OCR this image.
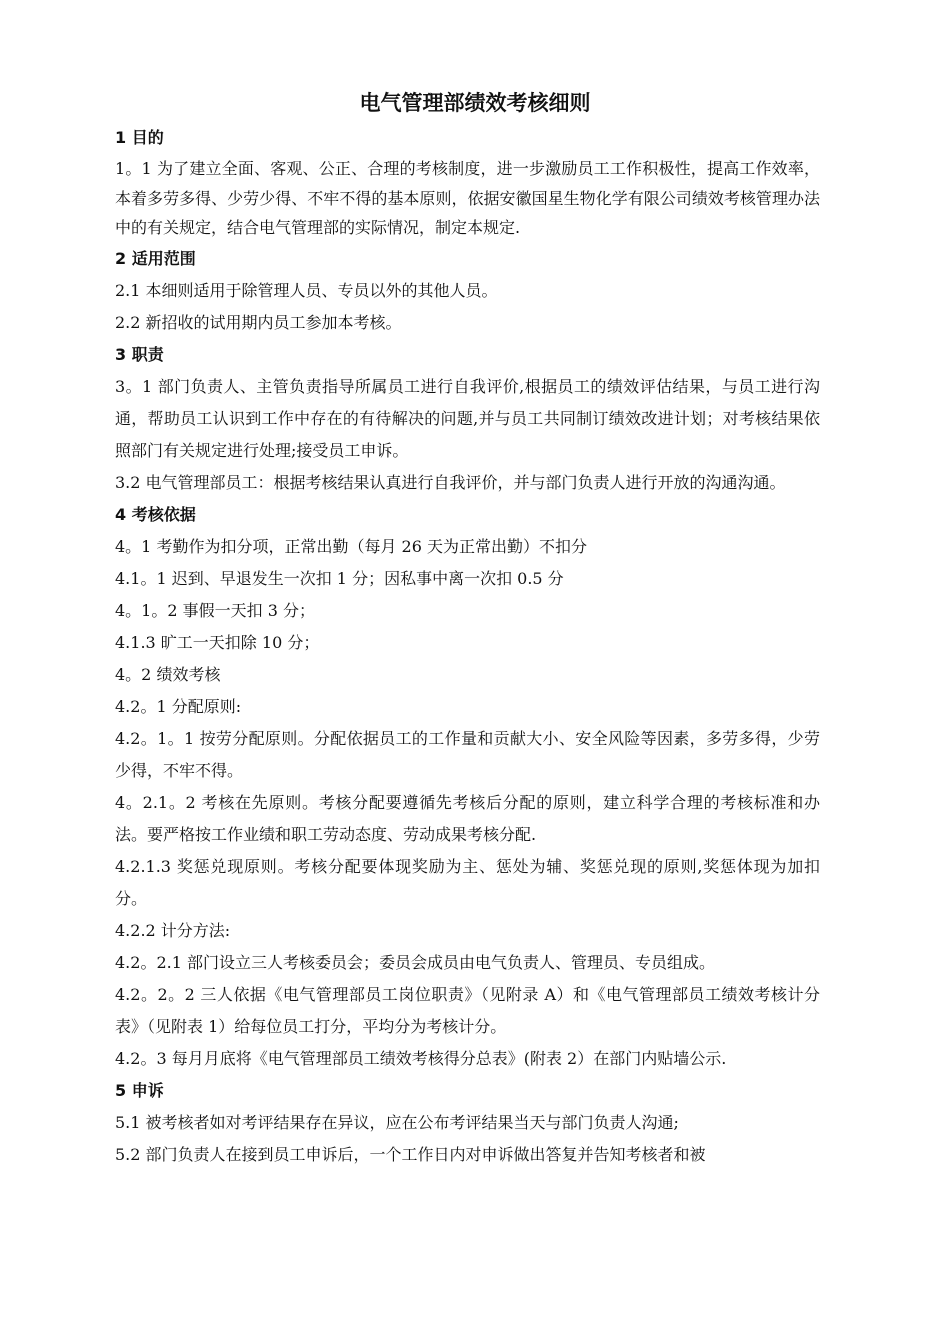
电气管理部绩效考核细则
1 目的
1。1 为了建立全面、客观、公正、合理的考核制度，进一步激励员工工作积极性，提高工作效率，本着多劳多得、少劳少得、不牢不得的基本原则，依据安徽国星生物化学有限公司绩效考核管理办法中的有关规定，结合电气管理部的实际情况，制定本规定.
2 适用范围
2.1 本细则适用于除管理人员、专员以外的其他人员。
2.2 新招收的试用期内员工参加本考核。
3 职责
3。1 部门负责人、主管负责指导所属员工进行自我评价,根据员工的绩效评估结果，与员工进行沟通，帮助员工认识到工作中存在的有待解决的问题,并与员工共同制订绩效改进计划；对考核结果依照部门有关规定进行处理;接受员工申诉。
3.2 电气管理部员工：根据考核结果认真进行自我评价，并与部门负责人进行开放的沟通沟通。
4 考核依据
4。1 考勤作为扣分项，正常出勤（每月 26 天为正常出勤）不扣分
4.1。1 迟到、早退发生一次扣 1 分；因私事中离一次扣 0.5 分
4。1。2 事假一天扣 3 分；
4.1.3 旷工一天扣除 10 分；
4。2 绩效考核
4.2。1 分配原则:
4.2。1。1 按劳分配原则。分配依据员工的工作量和贡献大小、安全风险等因素，多劳多得，少劳少得，不牢不得。
4。2.1。2 考核在先原则。考核分配要遵循先考核后分配的原则，建立科学合理的考核标准和办法。要严格按工作业绩和职工劳动态度、劳动成果考核分配.
4.2.1.3 奖惩兑现原则。考核分配要体现奖励为主、惩处为辅、奖惩兑现的原则,奖惩体现为加扣分。
4.2.2 计分方法:
4.2。2.1 部门设立三人考核委员会；委员会成员由电气负责人、管理员、专员组成。
4.2。2。2 三人依据《电气管理部员工岗位职责》（见附录 A）和《电气管理部员工绩效考核计分表》（见附表 1）给每位员工打分，平均分为考核计分。
4.2。3 每月月底将《电气管理部员工绩效考核得分总表》(附表 2）在部门内贴墙公示.
5 申诉
5.1 被考核者如对考评结果存在异议，应在公布考评结果当天与部门负责人沟通;
5.2 部门负责人在接到员工申诉后，一个工作日内对申诉做出答复并告知考核者和被
